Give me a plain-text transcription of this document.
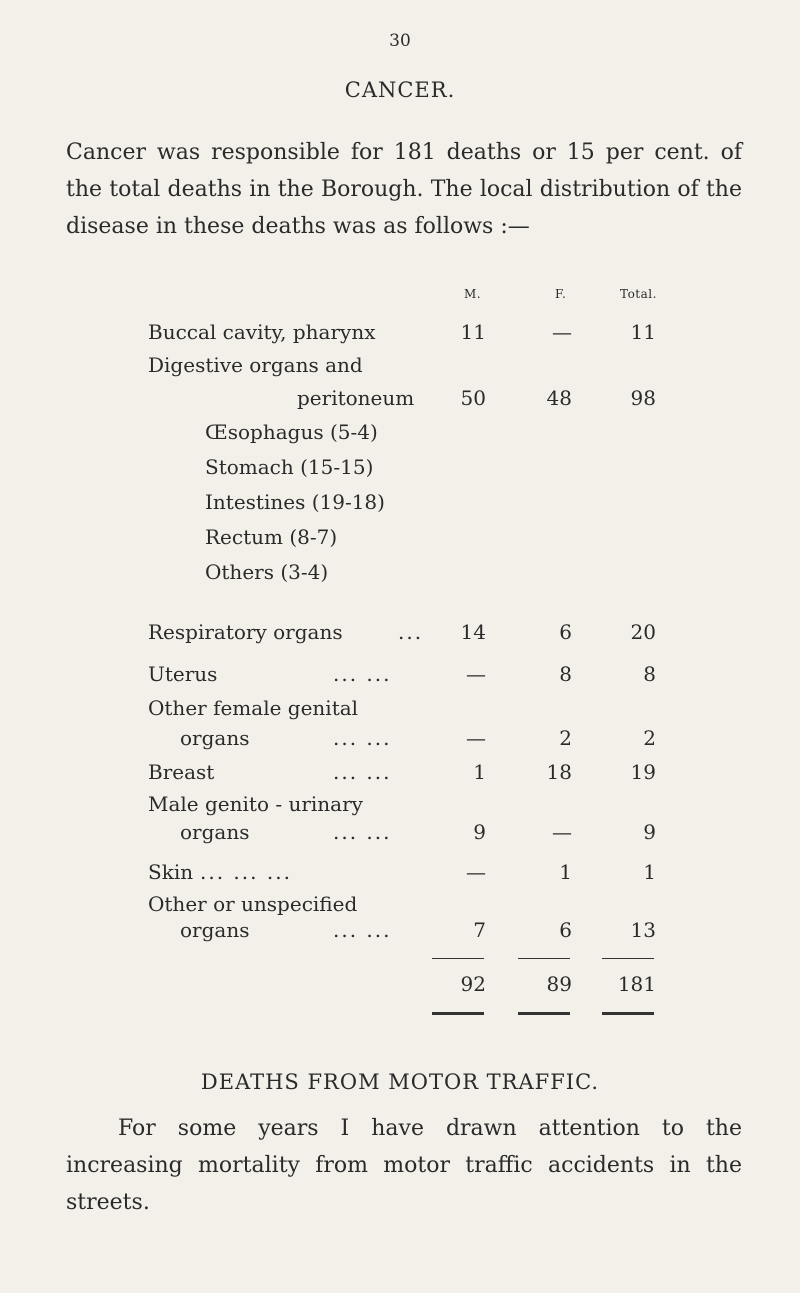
30
CANCER.

Cancer was responsible for 181 deaths or 15 per cent. of the total deaths in the Borough. The local distribution of the disease in these deaths was as follows :—

M.	F.	Total.
Buccal cavity, pharynx	11	—	11
Digestive organs and
peritoneum	50	48	98
Œsophagus (5-4)
Stomach (15-15)
Intestines (19-18)
Rectum (8-7)
Others (3-4)
Respiratory organs	...	14	6	20
Uterus	... ...	—	8	8
Other female genital
organs	... ...	—	2	2
Breast	... ...	1	18	19
Male genito - urinary
organs	... ...	9	—	9
Skin ... ... ...	—	1	1
Other or unspecified
organs	... ...	7	6	13
92	89 181
DEATHS FROM MOTOR TRAFFIC.

For some years I have drawn attention to the increasing mortality from motor traffic accidents in the streets.
